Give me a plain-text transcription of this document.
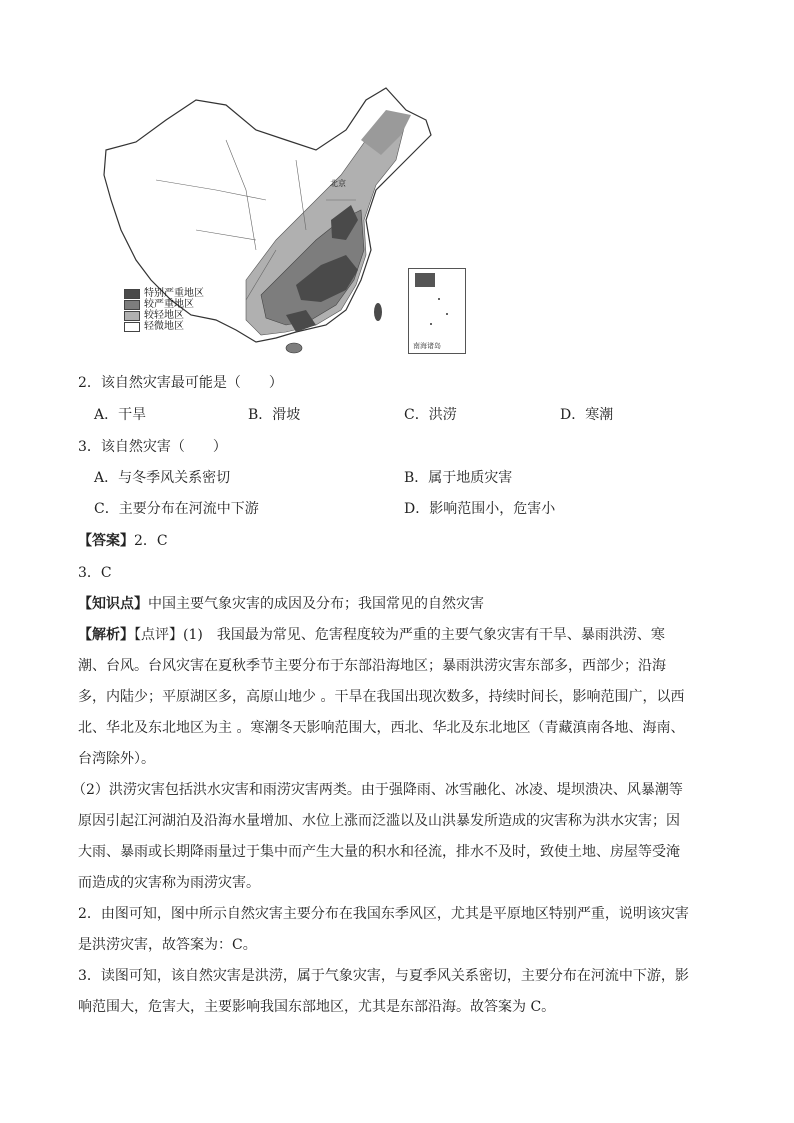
北京
南海诸岛
特别严重地区
较严重地区
较轻地区
轻微地区
2．该自然灾害最可能是（　　）
A．干旱	B．滑坡	C．洪涝	D．寒潮
3．该自然灾害（　　）
A．与冬季风关系密切	B．属于地质灾害
C．主要分布在河流中下游	D．影响范围小，危害小
【答案】2．C
3．C
【知识点】中国主要气象灾害的成因及分布；我国常见的自然灾害
【解析】【点评】(1)　我国最为常见、危害程度较为严重的主要气象灾害有干旱、暴雨洪涝、寒
潮、台风。台风灾害在夏秋季节主要分布于东部沿海地区；暴雨洪涝灾害东部多，西部少；沿海
多，内陆少；平原湖区多，高原山地少 。干旱在我国出现次数多，持续时间长，影响范围广，以西
北、华北及东北地区为主 。寒潮冬天影响范围大，西北、华北及东北地区（青藏滇南各地、海南、
台湾除外）。
（2）洪涝灾害包括洪水灾害和雨涝灾害两类。由于强降雨、冰雪融化、冰凌、堤坝溃决、风暴潮等
原因引起江河湖泊及沿海水量增加、水位上涨而泛滥以及山洪暴发所造成的灾害称为洪水灾害；因
大雨、暴雨或长期降雨量过于集中而产生大量的积水和径流，排水不及时，致使土地、房屋等受淹
而造成的灾害称为雨涝灾害。
2．由图可知，图中所示自然灾害主要分布在我国东季风区，尤其是平原地区特别严重，说明该灾害
是洪涝灾害，故答案为：C。
3．读图可知，该自然灾害是洪涝，属于气象灾害，与夏季风关系密切，主要分布在河流中下游，影
响范围大，危害大，主要影响我国东部地区，尤其是东部沿海。故答案为 C。
